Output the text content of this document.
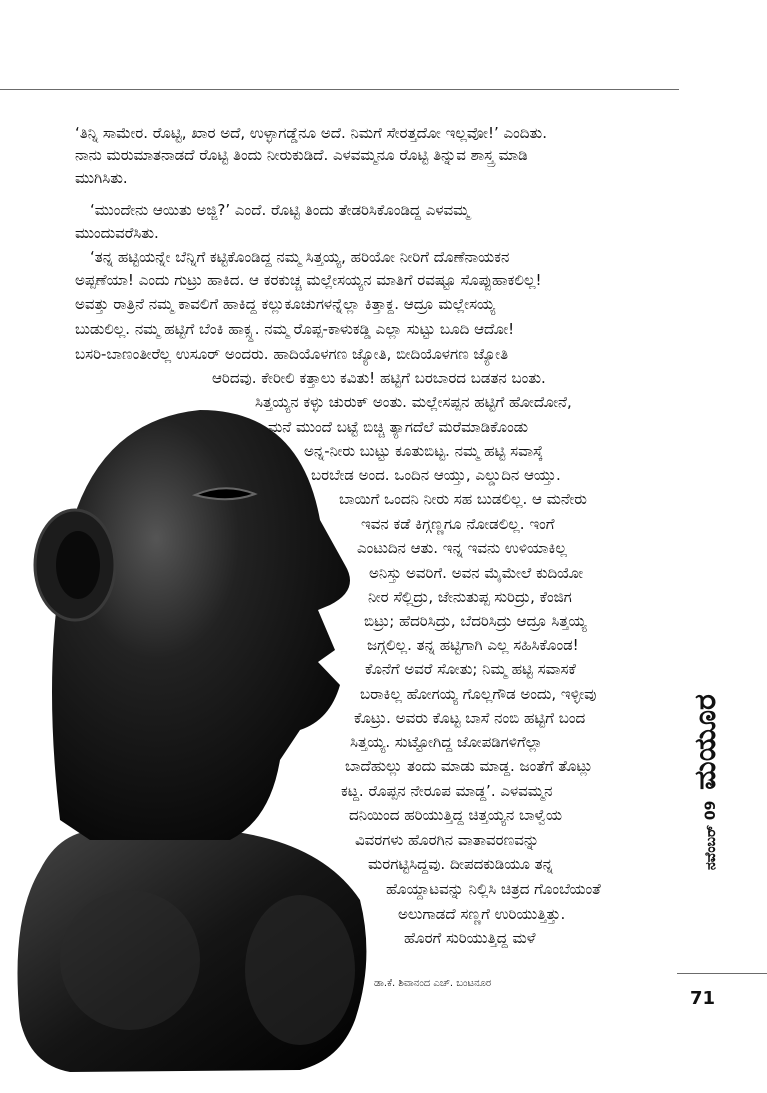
‘ತಿನ್ನಿ ಸಾಮೇರ. ರೊಟ್ಟಿ, ಖಾರ ಅದೆ, ಉಳ್ಳಾಗಡ್ಡೆನೂ ಅದೆ. ನಿಮಗೆ ಸೇರತ್ತದೋ ಇಲ್ಲವೋ!’ ಎಂದಿತು.
ನಾನು ಮರುಮಾತನಾಡದೆ ರೊಟ್ಟಿ ತಿಂದು ನೀರುಕುಡಿದೆ. ಎಳವಮ್ಮನೂ ರೊಟ್ಟಿ ತಿನ್ನುವ ಶಾಸ್ತ್ರ ಮಾಡಿ
ಮುಗಿಸಿತು.
‘ಮುಂದೇನು ಆಯಿತು ಅಜ್ಜಿ?’ ಎಂದೆ. ರೊಟ್ಟಿ ತಿಂದು ತೇಡರಿಸಿಕೊಂಡಿದ್ದ ಎಳವಮ್ಮ
ಮುಂದುವರೆಸಿತು.
‘ತನ್ನ ಹಟ್ಟಿಯನ್ನೇ ಬೆನ್ನಿಗೆ ಕಟ್ಟಿಕೊಂಡಿದ್ದ ನಮ್ಮ ಸಿತ್ತಯ್ಯ, ಹರಿಯೋ ನೀರಿಗೆ ದೊಣೆನಾಯಕನ
ಅಪ್ಪಣೆಯಾ! ಎಂದು ಗುಟ್ರು ಹಾಕಿದ. ಆ ಕರಕುಚ್ಚ ಮಲ್ಲೇಸಯ್ಯನ ಮಾತಿಗೆ ರವಷ್ಟೂ ಸೊಪ್ಪುಹಾಕಲಿಲ್ಲ!
ಅವತ್ತು ರಾತ್ರಿನೆ ನಮ್ಮ ಕಾವಲಿಗೆ ಹಾಕಿದ್ದ ಕಲ್ಲುಕೂಚುಗಳನ್ನೆಲ್ಲಾ ಕಿತ್ತಾಕ್ದ. ಆದ್ರೂ ಮಲ್ಲೇಸಯ್ಯ
ಬುಡುಲಿಲ್ಲ. ನಮ್ಮ ಹಟ್ಟಿಗೆ ಬೆಂಕಿ ಹಾಕ್ಸ್ದ. ನಮ್ಮ ರೊಪ್ಪ-ಕಾಳುಕಡ್ಡಿ ಎಲ್ಲಾ ಸುಟ್ಟು ಬೂದಿ ಆದೋ!
ಬಸರಿ-ಬಾಣಂತೀರೆಲ್ಲ ಉಸೂರ್ ಅಂದರು. ಹಾದಿಯೊಳಗಣ ಜ್ಯೋತಿ, ಬೀದಿಯೊಳಗಣ ಜ್ಯೋತಿ
ಆರಿದವು. ಕೇರೀಲಿ ಕತ್ತಾಲು ಕವಿತು! ಹಟ್ಟಿಗೆ ಬರಬಾರದ ಬಡತನ ಬಂತು.
ಸಿತ್ತಯ್ಯನ ಕಳ್ಳು ಚುರುಕ್ ಅಂತು. ಮಲ್ಲೇಸಪ್ಪನ ಹಟ್ಟಿಗೆ ಹೋದೋನೆ,
ಮನೆ ಮುಂದೆ ಬಟ್ಟೆ ಬಿಚ್ಚಿ ತ್ಯಾಗದೆಲೆ ಮರೆಮಾಡಿಕೊಂಡು
ಅನ್ನ-ನೀರು ಬುಟ್ಟು ಕೂತುಬಿಟ್ಟ. ನಮ್ಮ ಹಟ್ಟಿ ಸವಾಸ್ಕೆ
ಬರಬೇಡ ಅಂದ. ಒಂದಿನ ಆಯ್ತು, ಎಲ್ಡುದಿನ ಆಯ್ತು.
ಬಾಯಿಗೆ ಒಂದನಿ ನೀರು ಸಹ ಬುಡಲಿಲ್ಲ. ಆ ಮನೇರು
ಇವನ ಕಡೆ ಕಿಗ್ಗಣ್ಣಗೂ ನೋಡಲಿಲ್ಲ. ಇಂಗೆ
ಎಂಟುದಿನ ಆತು. ಇನ್ನ ಇವನು ಉಳಿಯಾಕಿಲ್ಲ
ಅನಿಸ್ತು ಅವರಿಗೆ. ಅವನ ಮೈಮೇಲೆ ಕುದಿಯೋ
ನೀರ ಸೆಲ್ಲಿದ್ರು, ಜೇನುತುಪ್ಪ ಸುರಿದ್ರು, ಕೆಂಜಿಗ
ಬಿಟ್ರು; ಹೆದರಿಸಿದ್ರು, ಬೆದರಿಸಿದ್ರು ಆದ್ರೂ ಸಿತ್ತಯ್ಯ
ಜಗ್ಗಲಿಲ್ಲ. ತನ್ನ ಹಟ್ಟಿಗಾಗಿ ಎಲ್ಲ ಸಹಿಸಿಕೊಂಡ!
ಕೊನೆಗೆ ಅವರೆ ಸೋತು; ನಿಮ್ಮ ಹಟ್ಟಿ ಸವಾಸಕೆ
ಬರಾಕಿಲ್ಲ ಹೋಗಯ್ಯ ಗೊಲ್ಲಗೌಡ ಅಂದು, ಇಳ್ಳೀವು
ಕೊಟ್ರು. ಅವರು ಕೊಟ್ಟ ಬಾಸೆ ನಂಬಿ ಹಟ್ಟಿಗೆ ಬಂದ
ಸಿತ್ತಯ್ಯ. ಸುಟ್ಟೋಗಿದ್ದ ಜೋಪಡಿಗಳಿಗೆಲ್ಲಾ
ಬಾದೆಹುಲ್ಲು ತಂದು ಮಾಡು ಮಾಡ್ದ. ಜಂತೆಗೆ ತೊಟ್ಲು
ಕಟ್ದ. ರೊಪ್ಪನ ನೇರೂಪ ಮಾಡ್ದ’. ಎಳವಮ್ಮನ
ದನಿಯಿಂದ ಹರಿಯುತ್ತಿದ್ದ ಚಿತ್ತಯ್ಯನ ಬಾಳ್ವೆಯ
ವಿವರಗಳು ಹೊರಗಿನ ವಾತಾವರಣವನ್ನು
ಮರಗಟ್ಟಿಸಿದ್ದವು. ದೀಪದಕುಡಿಯೂ ತನ್ನ
ಹೊಯ್ದಾಟವನ್ನು ನಿಲ್ಲಿಸಿ ಚಿತ್ರದ ಗೊಂಬೆಯಂತೆ
ಅಲುಗಾಡದೆ ಸಣ್ಣಗೆ ಉರಿಯುತ್ತಿತ್ತು.
ಹೊರಗೆ ಸುರಿಯುತ್ತಿದ್ದ ಮಳೆ
ಡಾ.ಕೆ. ಶಿವಾನಂದ ಎಚ್. ಬಂಟನೂರ
ನವೆಂಬರ್ 09 ಮಯೂರ
71
